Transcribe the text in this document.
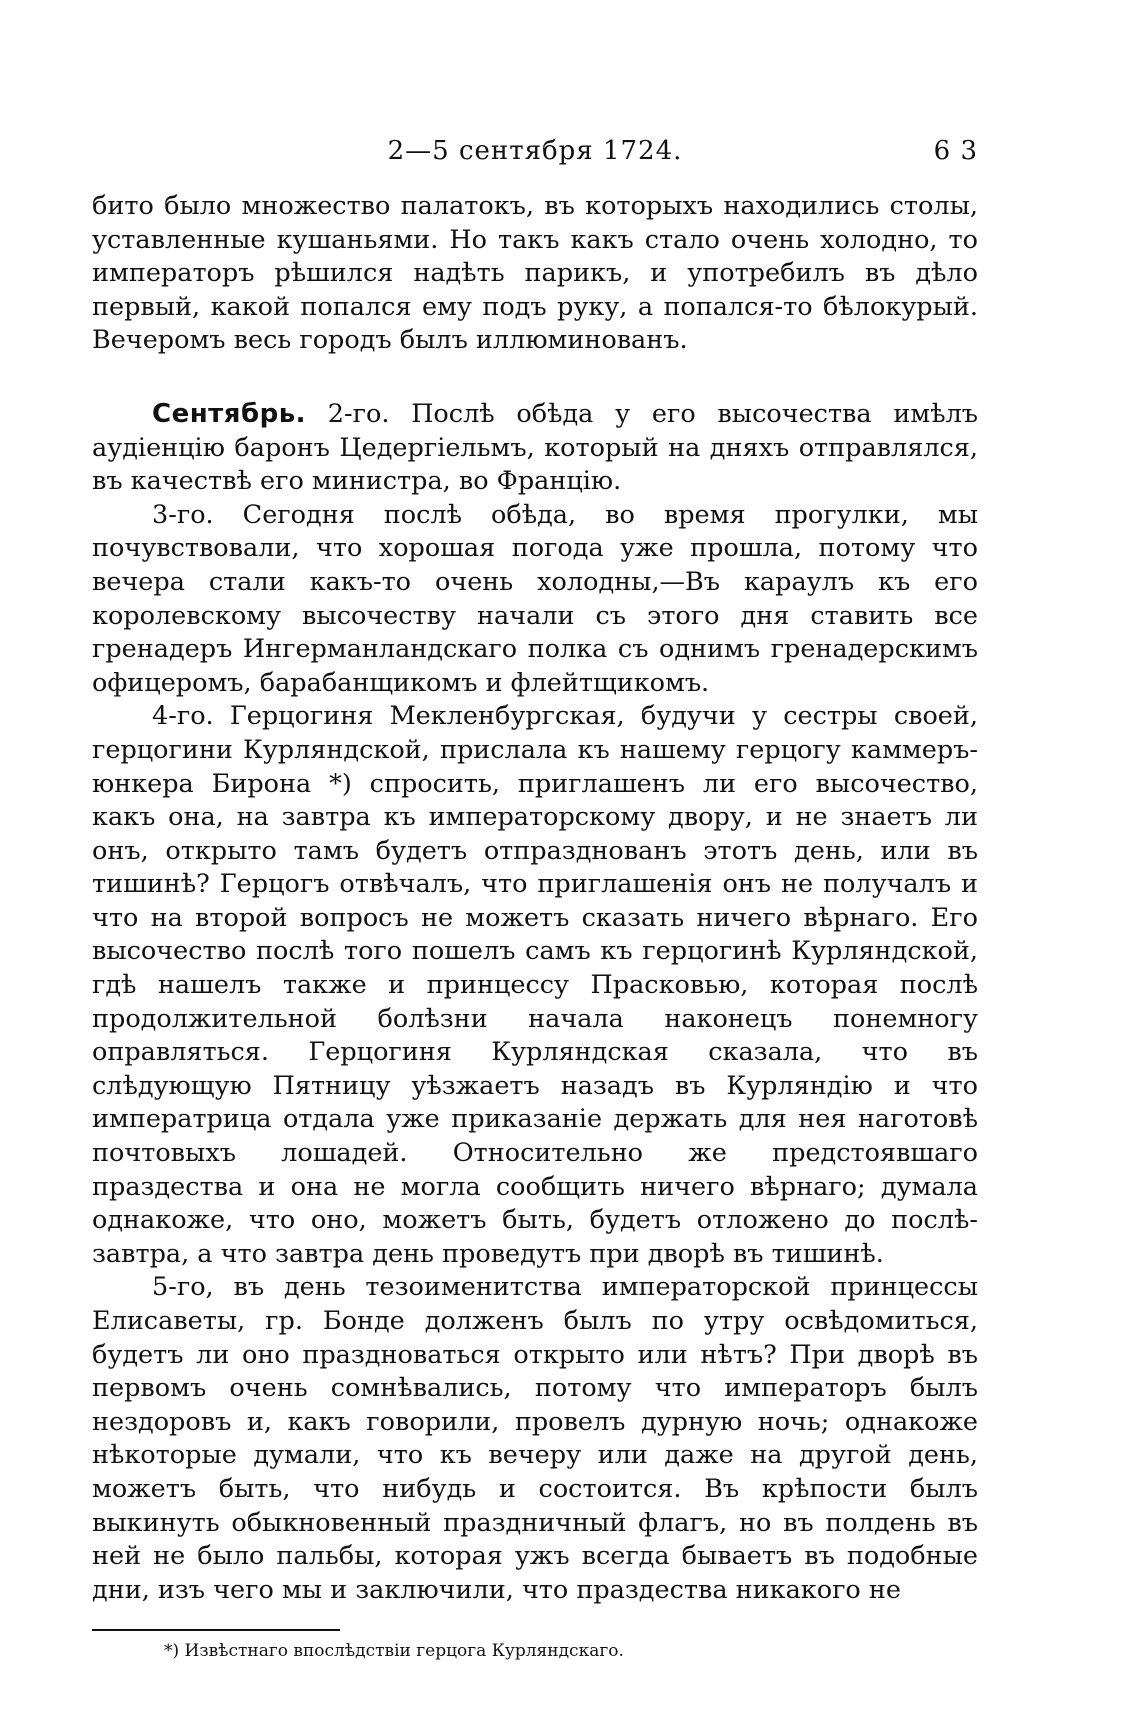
2—5 сентября 1724.	6 3

бито было множество палатокъ, въ которыхъ находились столы, уставленные кушаньями. Но такъ какъ стало очень холодно, то императоръ рѣшился надѣть парикъ, и употребилъ въ дѣло первый, какой попался ему подъ руку, а попался-то бѣлокурый. Вечеромъ весь городъ былъ иллюминованъ.

Сентябрь. 2-го. Послѣ обѣда у его высочества имѣлъ аудіенцію баронъ Цедергіельмъ, который на дняхъ отправлялся, въ качествѣ его министра, во Францію.

3-го. Сегодня послѣ обѣда, во время прогулки, мы почувствовали, что хорошая погода уже прошла, потому что вечера стали какъ-то очень холодны,—Въ караулъ къ его королевскому высочеству начали съ этого дня ставить все гренадеръ Ингерманландскаго полка съ однимъ гренадерскимъ офицеромъ, барабанщикомъ и флейтщикомъ.

4-го. Герцогиня Мекленбургская, будучи у сестры своей, герцогини Курляндской, прислала къ нашему герцогу каммеръ-юнкера Бирона *) спросить, приглашенъ ли его высочество, какъ она, на завтра къ императорскому двору, и не знаетъ ли онъ, открыто тамъ будетъ отпразднованъ этотъ день, или въ тишинѣ? Герцогъ отвѣчалъ, что приглашенія онъ не получалъ и что на второй вопросъ не можетъ сказать ничего вѣрнаго. Его высочество послѣ того пошелъ самъ къ герцогинѣ Курляндской, гдѣ нашелъ также и принцессу Прасковью, которая послѣ продолжительной болѣзни начала наконецъ понемногу оправляться. Герцогиня Курляндская сказала, что въ слѣдующую Пятницу уѣзжаетъ назадъ въ Курляндію и что императрица отдала уже приказаніе держать для нея наготовѣ почтовыхъ лошадей. Относительно же предстоявшаго праздества и она не могла сообщить ничего вѣрнаго; думала однакоже, что оно, можетъ быть, будетъ отложено до послѣ-завтра, а что завтра день проведутъ при дворѣ въ тишинѣ.

5-го, въ день тезоименитства императорской принцессы Елисаветы, гр. Бонде долженъ былъ по утру освѣдомиться, будетъ ли оно праздноваться открыто или нѣтъ? При дворѣ въ первомъ очень сомнѣвались, потому что императоръ былъ нездоровъ и, какъ говорили, провелъ дурную ночь; однакоже нѣкоторые думали, что къ вечеру или даже на другой день, можетъ быть, что нибудь и состоится. Въ крѣпости былъ выкинуть обыкновенный праздничный флагъ, но въ полдень въ ней не было пальбы, которая ужъ всегда бываетъ въ подобные дни, изъ чего мы и заключили, что праздества никакого не

*) Извѣстнаго впослѣдствіи герцога Курляндскаго.
